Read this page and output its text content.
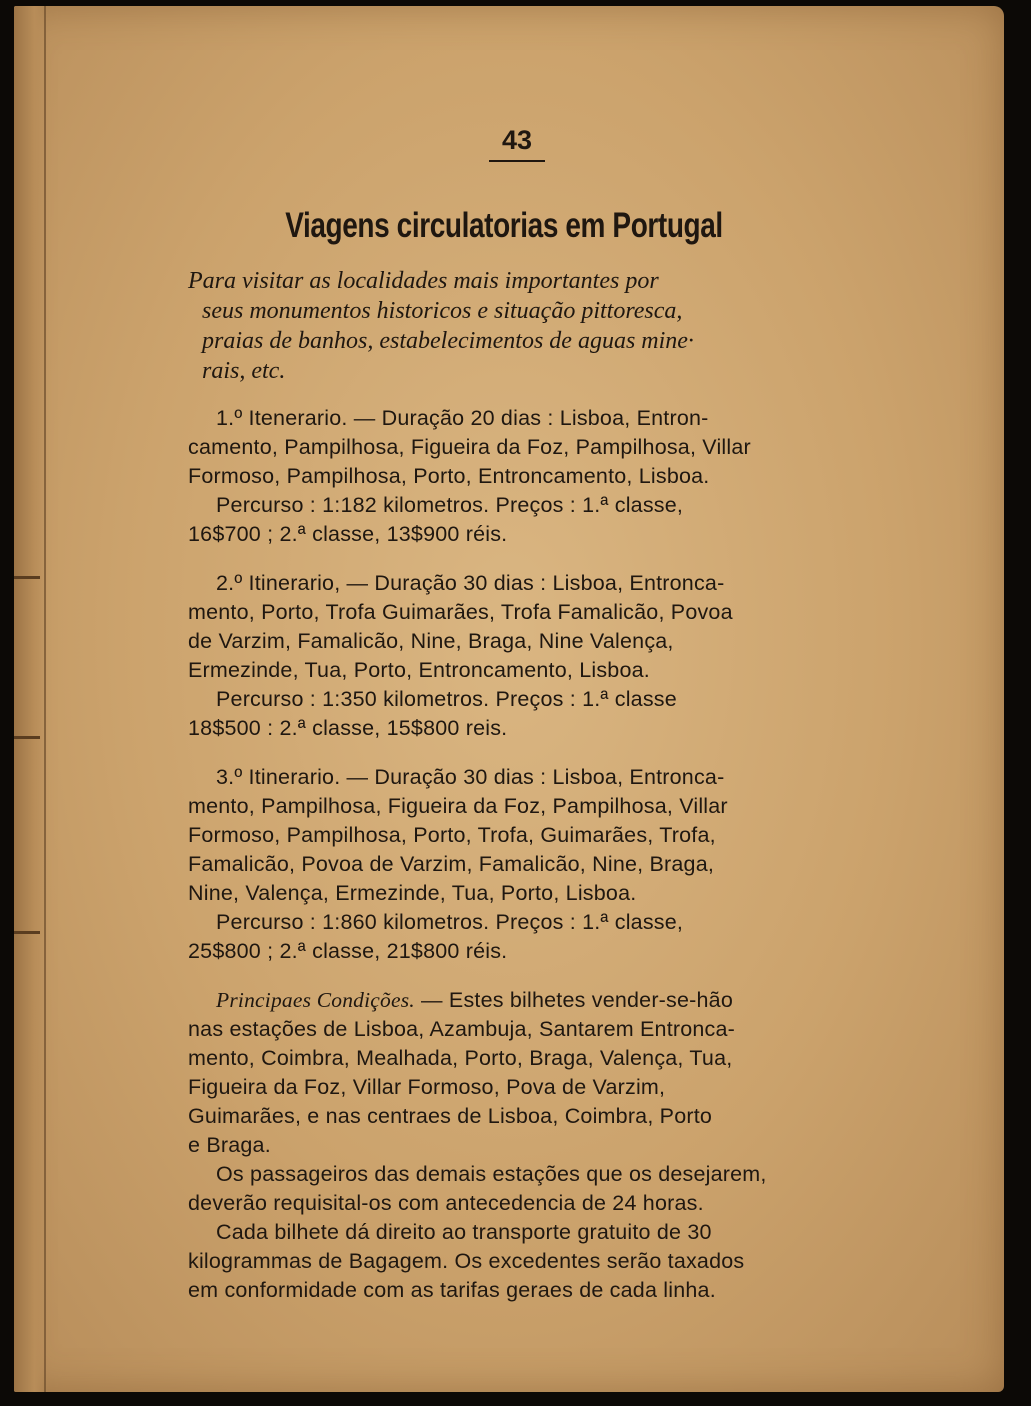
43
Viagens circulatorias em Portugal
Para visitar as localidades mais importantes por
seus monumentos historicos e situação pittoresca,
praias de banhos, estabelecimentos de aguas mine·
rais, etc.
1.º Itenerario. — Duração 20 dias : Lisboa, Entron-
camento, Pampilhosa, Figueira da Foz, Pampilhosa, Villar
Formoso, Pampilhosa, Porto, Entroncamento, Lisboa.
Percurso : 1:182 kilometros. Preços : 1.ª classe,
16$700 ; 2.ª classe, 13$900 réis.
2.º Itinerario, — Duração 30 dias : Lisboa, Entronca-
mento, Porto, Trofa Guimarães, Trofa Famalicão, Povoa
de Varzim, Famalicão, Nine, Braga, Nine Valença,
Ermezinde, Tua, Porto, Entroncamento, Lisboa.
Percurso : 1:350 kilometros. Preços : 1.ª classe
18$500 : 2.ª classe, 15$800 reis.
3.º Itinerario. — Duração 30 dias : Lisboa, Entronca-
mento, Pampilhosa, Figueira da Foz, Pampilhosa, Villar
Formoso, Pampilhosa, Porto, Trofa, Guimarães, Trofa,
Famalicão, Povoa de Varzim, Famalicão, Nine, Braga,
Nine, Valença, Ermezinde, Tua, Porto, Lisboa.
Percurso : 1:860 kilometros. Preços : 1.ª classe,
25$800 ; 2.ª classe, 21$800 réis.
Principaes Condições. — Estes bilhetes vender-se-hão
nas estações de Lisboa, Azambuja, Santarem Entronca-
mento, Coimbra, Mealhada, Porto, Braga, Valença, Tua,
Figueira da Foz, Villar Formoso, Pova de Varzim,
Guimarães, e nas centraes de Lisboa, Coimbra, Porto
e Braga.
Os passageiros das demais estações que os desejarem,
deverão requisital-os com antecedencia de 24 horas.
Cada bilhete dá direito ao transporte gratuito de 30
kilogrammas de Bagagem. Os excedentes serão taxados
em conformidade com as tarifas geraes de cada linha.
